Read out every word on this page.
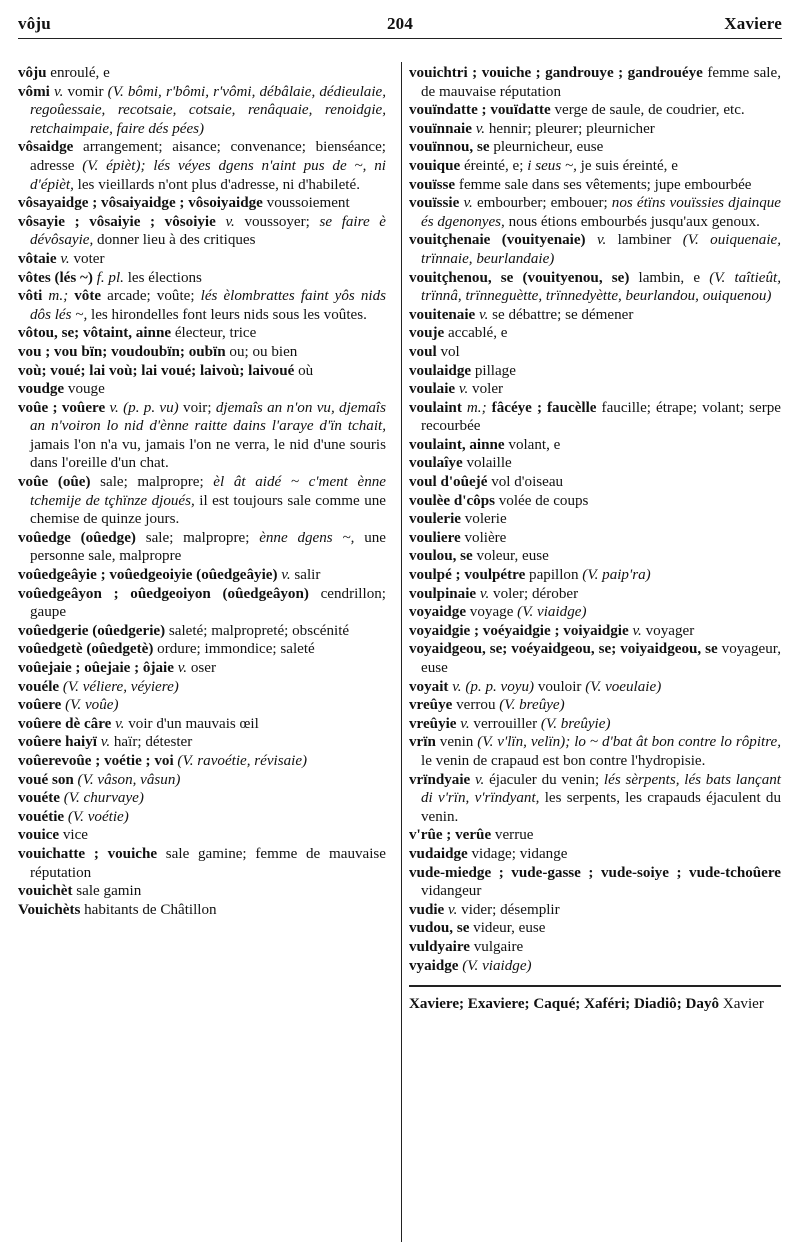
vôju	204	Xaviere
vôju enroulé, e
vômi v. vomir (V. bômi, r'bômi, r'vômi, débâlaie, dédieulaie, regoûessaie, recotsaie, cotsaie, renâquaie, renoidgie, retchaimpaie, faire dés pées)
vôsaidge arrangement; aisance; convenance; bienséance; adresse (V. épièt); lés véyes dgens n'aint pus de ~, ni d'épièt, les vieillards n'ont plus d'adresse, ni d'habileté.
vôsayaidge ; vôsaiyaidge ; vôsoiyaidge voussoiement
vôsayie ; vôsaiyie ; vôsoiyie v. voussoyer; se faire è dévôsayie, donner lieu à des critiques
vôtaie v. voter
vôtes (lés ~) f. pl. les élections
vôti m.; vôte arcade; voûte; lés èlombrattes faint yôs nids dôs lés ~, les hirondelles font leurs nids sous les voûtes.
vôtou, se; vôtaint, ainne électeur, trice
vou ; vou bïn; voudoubïn; oubïn ou; ou bien
voù; voué; lai voù; lai voué; laivoù; laivoué où
voudge vouge
voûe ; voûere v. (p. p. vu) voir; djemaîs an n'on vu, djemaîs an n'voiron lo nid d'ènne raitte dains l'araye d'ïn tchait, jamais l'on n'a vu, jamais l'on ne verra, le nid d'une souris dans l'oreille d'un chat.
voûe (oûe) sale; malpropre; èl ât aidé ~ c'ment ènne tchemije de tçhïnze djoués, il est toujours sale comme une chemise de quinze jours.
voûedge (oûedge) sale; malpropre; ènne dgens ~, une personne sale, malpropre
voûedgeâyie ; voûedgeoiyie (oûedgeâyie) v. salir
voûedgeâyon ; oûedgeoiyon (oûedgeâyon) cendrillon; gaupe
voûedgerie (oûedgerie) saleté; malpropreté; obscénité
voûedgetè (oûedgetè) ordure; immondice; saleté
voûejaie ; oûejaie ; ôjaie v. oser
vouéle (V. véliere, véyiere)
voûere (V. voûe)
voûere dè câre v. voir d'un mauvais œil
voûere haiyï v. haïr; détester
voûerevoûe ; voétie ; voi (V. ravoétie, révisaie)
voué son (V. vâson, vâsun)
vouéte (V. churvaye)
vouétie (V. voétie)
vouice vice
vouichatte ; vouiche sale gamine; femme de mauvaise réputation
vouichèt sale gamin
Vouichèts habitants de Châtillon
vouichtri ; vouiche ; gandrouye ; gandrouéye femme sale, de mauvaise réputation
vouïndatte ; vouïdatte verge de saule, de coudrier, etc.
vouïnnaie v. hennir; pleurer; pleurnicher
vouïnnou, se pleurnicheur, euse
vouique éreinté, e; i seus ~, je suis éreinté, e
vouïsse femme sale dans ses vêtements; jupe embourbée
vouïssie v. embourber; embouer; nos étïns vouïssies djainque és dgenonyes, nous étions embourbés jusqu'aux genoux.
vouitçhenaie (vouityenaie) v. lambiner (V. ouiquenaie, trïnnaie, beurlandaie)
vouitçhenou, se (vouityenou, se) lambin, e (V. taîtieût, trïnnâ, trïnneguètte, trïnnedyètte, beurlandou, ouiquenou)
vouitenaie v. se débattre; se démener
vouje accablé, e
voul vol
voulaidge pillage
voulaie v. voler
voulaint m.; fâcéye ; faucèlle faucille; étrape; volant; serpe recourbée
voulaint, ainne volant, e
voulaîye volaille
voul d'oûejé vol d'oiseau
voulèe d'côps volée de coups
voulerie volerie
vouliere volière
voulou, se voleur, euse
voulpé ; voulpétre papillon (V. paip'ra)
voulpinaie v. voler; dérober
voyaidge voyage (V. viaidge)
voyaidgie ; voéyaidgie ; voiyaidgie v. voyager
voyaidgeou, se; voéyaidgeou, se; voiyaidgeou, se voyageur, euse
voyait v. (p. p. voyu) vouloir (V. voeulaie)
vreûye verrou (V. breûye)
vreûyie v. verrouiller (V. breûyie)
vrïn venin (V. v'lïn, velïn); lo ~ d'bat ât bon contre lo rôpitre, le venin de crapaud est bon contre l'hydropisie.
vrïndyaie v. éjaculer du venin; lés sèrpents, lés bats lançant di v'rïn, v'rïndyant, les serpents, les crapauds éjaculent du venin.
v'rûe ; verûe verrue
vudaidge vidage; vidange
vude-miedge ; vude-gasse ; vude-soiye ; vude-tchoûere vidangeur
vudie v. vider; désemplir
vudou, se videur, euse
vuldyaire vulgaire
vyaidge (V. viaidge)
Xaviere; Exaviere; Caqué; Xaféri; Diadiô; Dayô Xavier
